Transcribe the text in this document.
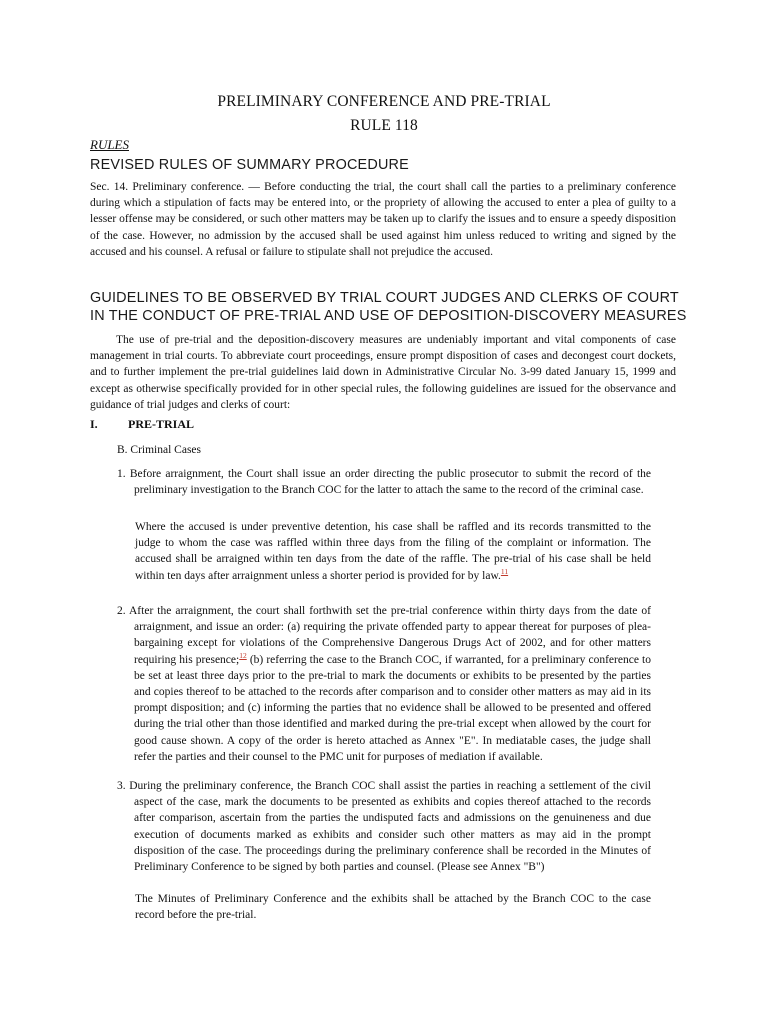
PRELIMINARY CONFERENCE AND PRE-TRIAL
RULE 118
RULES
REVISED RULES OF SUMMARY PROCEDURE
Sec. 14. Preliminary conference. — Before conducting the trial, the court shall call the parties to a preliminary conference during which a stipulation of facts may be entered into, or the propriety of allowing the accused to enter a plea of guilty to a lesser offense may be considered, or such other matters may be taken up to clarify the issues and to ensure a speedy disposition of the case. However, no admission by the accused shall be used against him unless reduced to writing and signed by the accused and his counsel. A refusal or failure to stipulate shall not prejudice the accused.
GUIDELINES TO BE OBSERVED BY TRIAL COURT JUDGES AND CLERKS OF COURT
IN THE CONDUCT OF PRE-TRIAL AND USE OF DEPOSITION-DISCOVERY MEASURES
The use of pre-trial and the deposition-discovery measures are undeniably important and vital components of case management in trial courts. To abbreviate court proceedings, ensure prompt disposition of cases and decongest court dockets, and to further implement the pre-trial guidelines laid down in Administrative Circular No. 3-99 dated January 15, 1999 and except as otherwise specifically provided for in other special rules, the following guidelines are issued for the observance and guidance of trial judges and clerks of court:
I.	PRE-TRIAL
B. Criminal Cases
1. Before arraignment, the Court shall issue an order directing the public prosecutor to submit the record of the preliminary investigation to the Branch COC for the latter to attach the same to the record of the criminal case.
Where the accused is under preventive detention, his case shall be raffled and its records transmitted to the judge to whom the case was raffled within three days from the filing of the complaint or information. The accused shall be arraigned within ten days from the date of the raffle. The pre-trial of his case shall be held within ten days after arraignment unless a shorter period is provided for by law.$^{11}$
2. After the arraignment, the court shall forthwith set the pre-trial conference within thirty days from the date of arraignment, and issue an order: (a) requiring the private offended party to appear thereat for purposes of plea-bargaining except for violations of the Comprehensive Dangerous Drugs Act of 2002, and for other matters requiring his presence;$^{12}$ (b) referring the case to the Branch COC, if warranted, for a preliminary conference to be set at least three days prior to the pre-trial to mark the documents or exhibits to be presented by the parties and copies thereof to be attached to the records after comparison and to consider other matters as may aid in its prompt disposition; and (c) informing the parties that no evidence shall be allowed to be presented and offered during the trial other than those identified and marked during the pre-trial except when allowed by the court for good cause shown. A copy of the order is hereto attached as Annex "E". In mediatable cases, the judge shall refer the parties and their counsel to the PMC unit for purposes of mediation if available.
3. During the preliminary conference, the Branch COC shall assist the parties in reaching a settlement of the civil aspect of the case, mark the documents to be presented as exhibits and copies thereof attached to the records after comparison, ascertain from the parties the undisputed facts and admissions on the genuineness and due execution of documents marked as exhibits and consider such other matters as may aid in the prompt disposition of the case. The proceedings during the preliminary conference shall be recorded in the Minutes of Preliminary Conference to be signed by both parties and counsel. (Please see Annex "B")
The Minutes of Preliminary Conference and the exhibits shall be attached by the Branch COC to the case record before the pre-trial.
